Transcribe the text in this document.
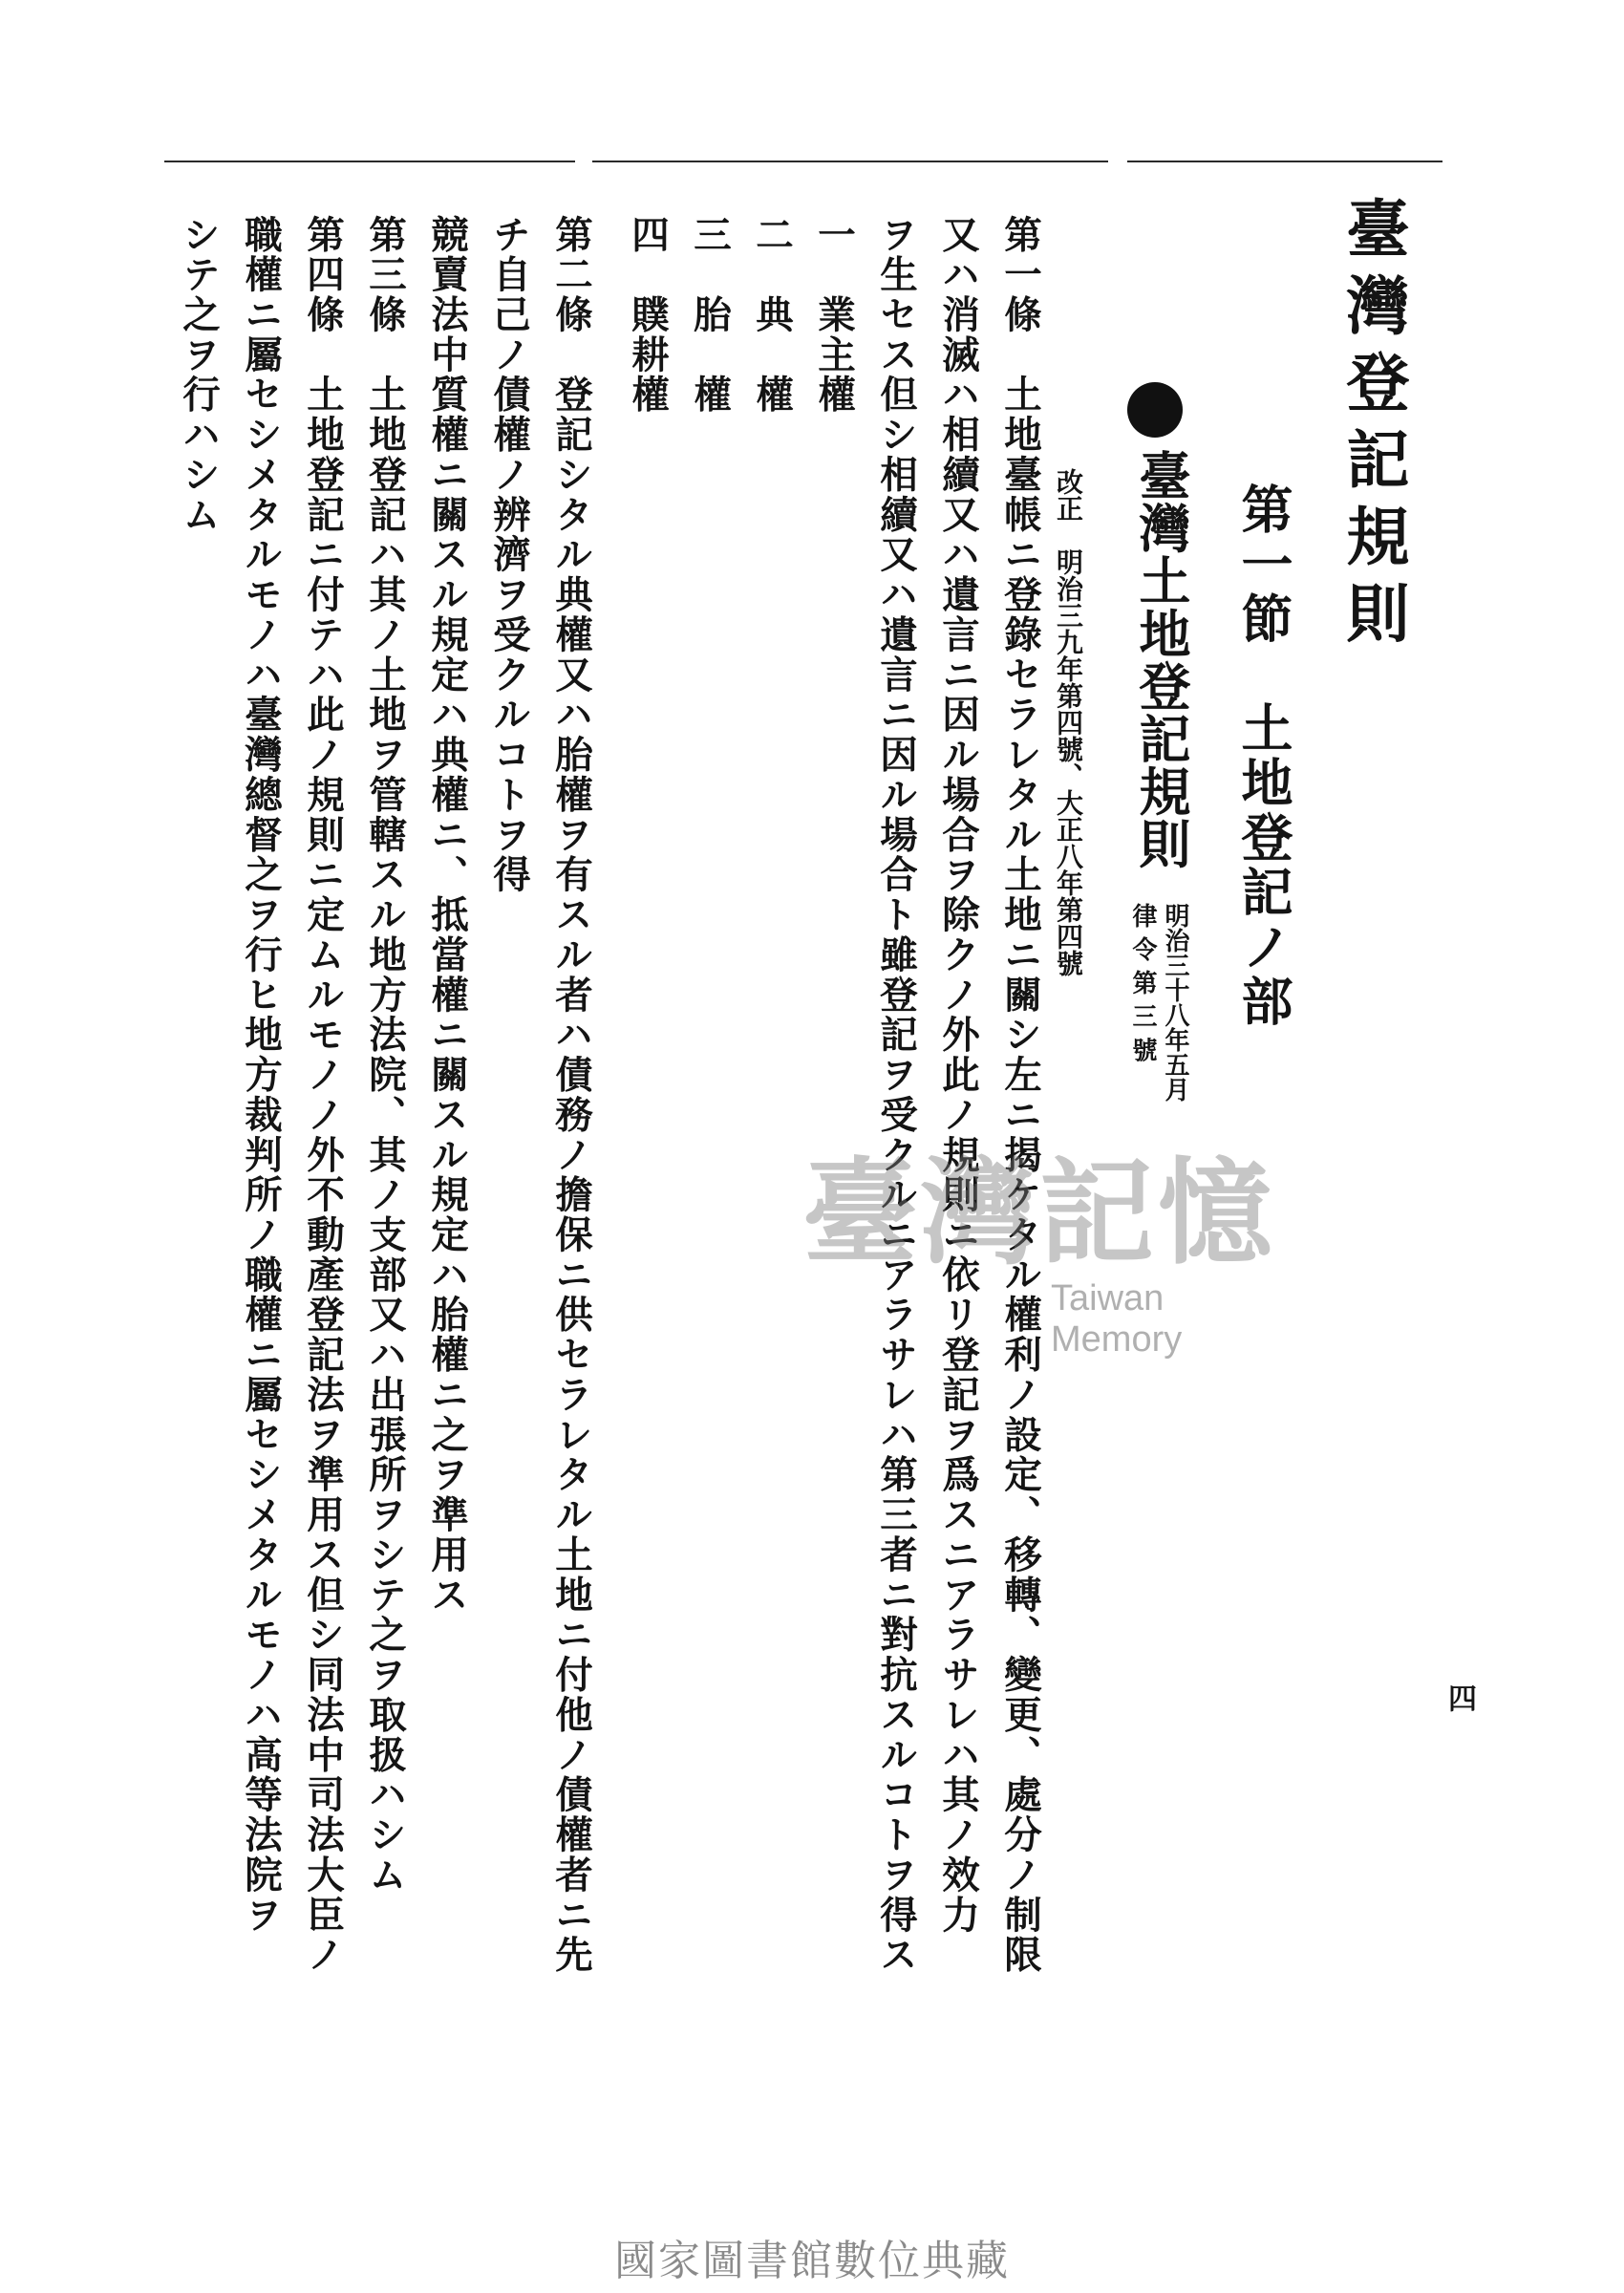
四
臺灣登記規則
第一節　土地登記ノ部
明治三十八年五月
律令第三號
臺灣土地登記規則
改正　明治三九年第四號、大正八年第四號
第一條　土地臺帳ニ登錄セラレタル土地ニ關シ左ニ揭ケタル權利ノ設定、移轉、變更、處分ノ制限
又ハ消滅ハ相續又ハ遺言ニ因ル場合ヲ除クノ外此ノ規則ニ依リ登記ヲ爲スニアラサレハ其ノ效力
ヲ生セス但シ相續又ハ遺言ニ因ル場合ト雖登記ヲ受クルニアラサレハ第三者ニ對抗スルコトヲ得ス
一　業主權
二　典　權
三　胎　權
四　贌耕權
第二條　登記シタル典權又ハ胎權ヲ有スル者ハ債務ノ擔保ニ供セラレタル土地ニ付他ノ債權者ニ先
チ自己ノ債權ノ辨濟ヲ受クルコトヲ得
競賣法中質權ニ關スル規定ハ典權ニ、抵當權ニ關スル規定ハ胎權ニ之ヲ準用ス
第三條　土地登記ハ其ノ土地ヲ管轄スル地方法院、其ノ支部又ハ出張所ヲシテ之ヲ取扱ハシム
第四條　土地登記ニ付テハ此ノ規則ニ定ムルモノノ外不動產登記法ヲ準用ス但シ同法中司法大臣ノ
職權ニ屬セシメタルモノハ臺灣總督之ヲ行ヒ地方裁判所ノ職權ニ屬セシメタルモノハ高等法院ヲ
シテ之ヲ行ハシム
臺灣記憶
Taiwan Memory
國家圖書館數位典藏
